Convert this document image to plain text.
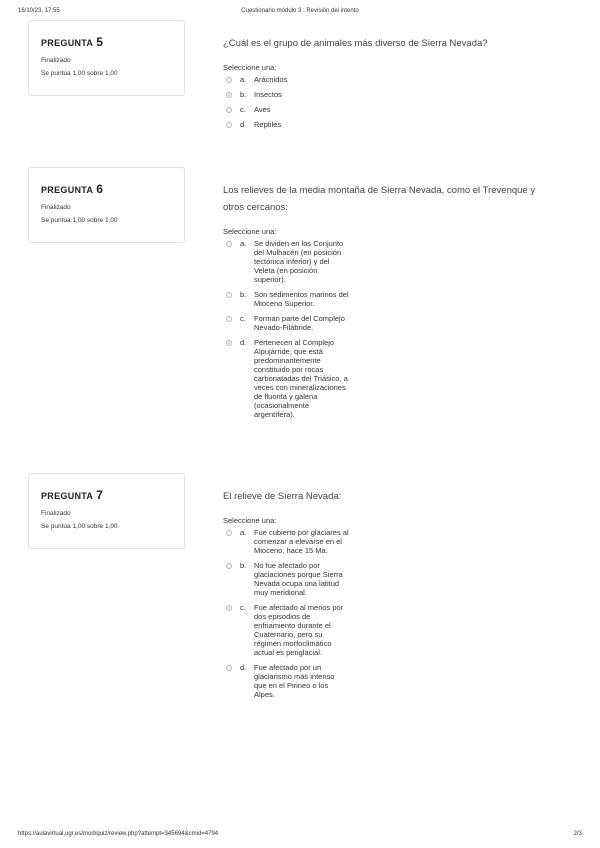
16/10/23, 17:55	Cuestionario módulo 3 : Revisión del intento
PREGUNTA 5
Finalizado
Se puntúa 1,00 sobre 1,00

¿Cuál es el grupo de animales más diverso de Sierra Nevada?

Seleccione una:
a.	Arácnidos
b.	Insectos
c.	Aves
d.	Reptiles
PREGUNTA 6
Finalizado
Se puntúa 1,00 sobre 1,00

Los relieves de la media montaña de Sierra Nevada, como el Trevenque y otros cercanos:

Seleccione una:
a.	Se dividen en los Conjunto del Mulhacén (en posición tectónica inferior) y del Veleta (en posición superior).
b.	Son sedimentos marinos del Mioceno Superior.
c.	Forman parte del Complejo Nevado-Filábride.
d.	Pertenecen al Complejo Alpujárride, que está predominantemente constituido por rocas carbonatadas del Triásico, a veces con mineralizaciones de fluorita y galena (ocasionalmente argentífera).
PREGUNTA 7
Finalizado
Se puntúa 1,00 sobre 1,00

El relieve de Sierra Nevada:

Seleccione una:
a.	Fue cubierto por glaciares al comenzar a elevarse en el Mioceno, hace 15 Ma.
b.	No fue afectado por glaciaciones porque Sierra Nevada ocupa una latitud muy meridional.
c.	Fue afectado al menos por dos episodios de enfriamiento durante el Cuaternario, pero su régimen morfoclimático actual es periglacial.
d.	Fue afectado por un glaciarismo más intenso que en el Pirineo o los Alpes.
https://aulavirtual.ugr.es/mod/quiz/review.php?attempt=345694&cmid=4794	2/3
